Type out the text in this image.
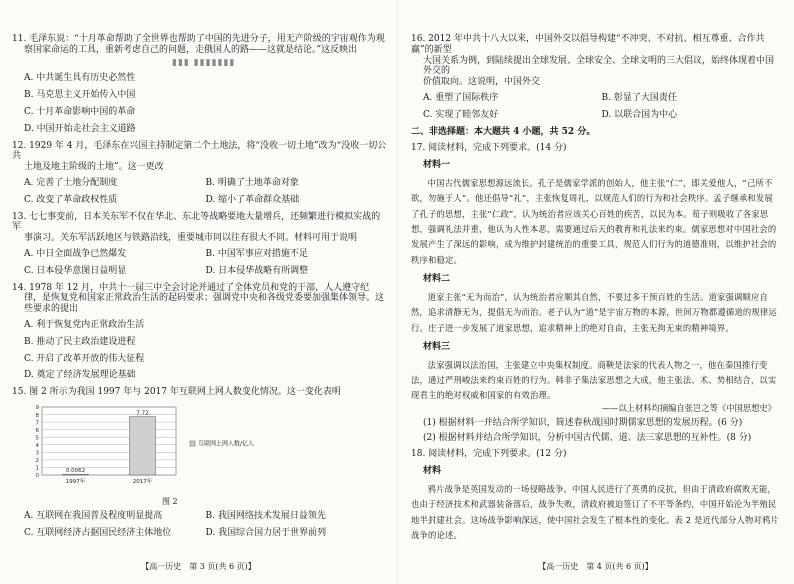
11. 毛泽东说：“十月革命帮助了全世界也帮助了中国的先进分子，用无产阶级的宇宙观作为观
察国家命运的工具，重新考虑自己的问题，走俄国人的路——这就是结论。”这反映出
▮▮▮ ▮▮▮▮▮▮▮
A. 中共诞生具有历史必然性
B. 马克思主义开始传入中国
C. 十月革命影响中国的革命
D. 中国开始走社会主义道路
12. 1929 年 4 月，毛泽东在兴国主持制定第二个土地法，将“没收一切土地”改为“没收一切公共
土地及地主阶级的土地”。这一更改
A. 完善了土地分配制度	B. 明确了土地革命对象
C. 改变了革命政权性质	D. 缩小了革命群众基础
13. 七七事变前，日本关东军不仅在华北、东北等战略要地大量增兵，还频繁进行模拟实战的军
事演习。关东军活跃地区与铁路沿线，重要城市同以往有很大不同。材料可用于说明
A. 中日全面战争已然爆发	B. 中国军事应对措施不足
C. 日本侵华意图日益明显	D. 日本侵华战略有所调整
14. 1978 年 12 月，中共十一届三中全会讨论并通过了全体党员和党的干部，人人遵守纪
律，是恢复党和国家正常政治生活的起码要求；强调党中央和各级党委要加强集体领导。这
些要求的提出
A. 利于恢复党内正常政治生活
B. 推动了民主政治建设进程
C. 开启了改革开放的伟大征程
D. 奠定了经济发展理论基础
15. 图 2 所示为我国 1997 年与 2017 年互联网上网人数变化情况。这一变化表明
0
1
2
3
4
5
6
7
8
9
0.0062
1997年
7.72
2017年
互联网上网人数/亿人
图 2
A. 互联网在我国普及程度明显提高	B. 我国网络技术发展日益领先
C. 互联网经济占据国民经济主体地位	D. 我国综合国力居于世界前列
【高一历史　第 3 页(共 6 页)】
16. 2012 年中共十八大以来，中国外交以倡导构建“不冲突、不对抗、相互尊重、合作共赢”的新型
大国关系为例，到陆续提出全球发展、全球安全、全球文明的三大倡议，始终体现着中国外交的
价值取向。这说明，中国外交
A. 重塑了国际秩序	B. 彰显了大国责任
C. 实现了睦邻友好	D. 以联合国为中心
二、非选择题：本大题共 4 小题，共 52 分。
17. 阅读材料，完成下列要求。(14 分)
材料一

中国古代儒家思想源远流长。孔子是儒家学派的创始人，他主张“仁”，即关爱他人，“己所不欲，勿施于人”。他还倡导“礼”，主张恢复周礼，以规范人们的行为和社会秩序。孟子继承和发展了孔子的思想，主张“仁政”，认为统治者应该关心百姓的疾苦，以民为本。荀子则吸收了各家思想，强调礼法并重，他认为人性本恶，需要通过后天的教育和礼法来约束。儒家思想对中国社会的发展产生了深远的影响，成为维护封建统治的重要工具，规范人们行为的道德准则，以维护社会的秩序和稳定。

材料二

道家主张“无为而治”，认为统治者应顺其自然，不要过多干预百姓的生活。道家强调顺应自然，追求清静无为，提倡无为而治。老子认为“道”是宇宙万物的本源，世间万物都遵循道的规律运行。庄子进一步发展了道家思想，追求精神上的绝对自由，主张无拘无束的精神境界。

材料三

法家强调以法治国，主张建立中央集权制度。商鞅是法家的代表人物之一，他在秦国推行变法，通过严刑峻法来约束百姓的行为。韩非子集法家思想之大成，他主张法、术、势相结合，以实现君主的绝对权威和国家的有效治理。

——以上材料均摘编自张岂之等《中国思想史》
(1) 根据材料一并结合所学知识，简述春秋战国时期儒家思想的发展历程。(6 分)
(2) 根据材料并结合所学知识，分析中国古代儒、道、法三家思想的互补性。(8 分)
18. 阅读材料，完成下列要求。(12 分)
材料

鸦片战争是英国发动的一场侵略战争。中国人民进行了英勇的反抗，但由于清政府腐败无能，也由于经济技术和武器装备落后，战争失败，清政府被迫签订了不平等条约，中国开始沦为半殖民地半封建社会。这场战争影响深远，使中国社会发生了根本性的变化。表 2 是近代部分人物对鸦片战争的论述。

【高一历史　第 4 页(共 6 页)】
